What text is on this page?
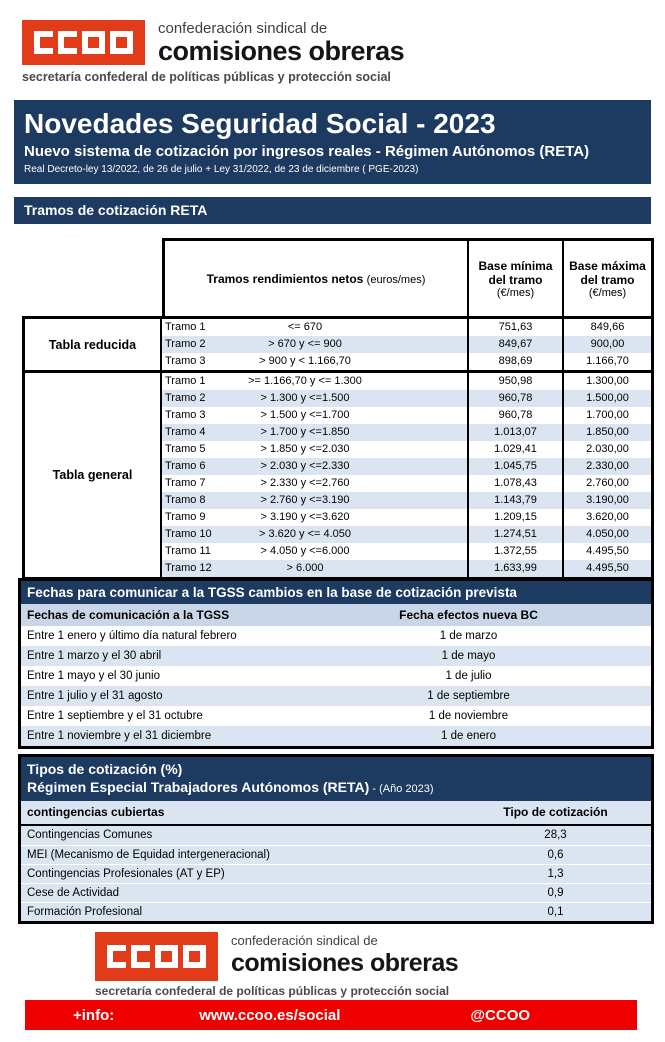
confederación sindical de
comisiones obreras
secretaría confederal de políticas públicas y protección social
Novedades Seguridad Social - 2023
Nuevo sistema de cotización por ingresos reales - Régimen Autónomos (RETA)
Real Decreto-ley 13/2022, de 26 de julio + Ley 31/2022, de 23 de diciembre ( PGE-2023)
Tramos de cotización RETA
Tramos rendimientos netos (euros/mes)
Base mínima
del tramo
(€/mes)
Base máxima
del tramo
(€/mes)
Tabla reducida
Tramo 1	<= 670	751,63	849,66
Tramo 2	> 670 y <= 900	849,67	900,00
Tramo 3	> 900 y < 1.166,70	898,69	1.166,70
Tabla general
Tramo 1	>= 1.166,70 y <= 1.300	950,98	1.300,00
Tramo 2	> 1.300 y <=1.500	960,78	1.500,00
Tramo 3	> 1.500 y <=1.700	960,78	1.700,00
Tramo 4	> 1.700 y <=1.850	1.013,07	1.850,00
Tramo 5	> 1.850 y <=2.030	1.029,41	2.030,00
Tramo 6	> 2.030 y <=2.330	1.045,75	2.330,00
Tramo 7	> 2.330 y <=2.760	1.078,43	2.760,00
Tramo 8	> 2.760 y <=3.190	1.143,79	3.190,00
Tramo 9	> 3.190 y <=3.620	1.209,15	3.620,00
Tramo 10	> 3.620 y <= 4.050	1.274,51	4.050,00
Tramo 11	> 4.050 y <=6.000	1.372,55	4.495,50
Tramo 12	> 6.000	1.633,99	4.495,50
Fechas para comunicar a la TGSS cambios en la base de cotización prevista
Fechas de comunicación a la TGSS	Fecha efectos nueva BC
Entre 1 enero y último día natural febrero	1 de marzo
Entre 1 marzo y el 30 abril	1 de mayo
Entre 1 mayo y el 30 junio	1 de julio
Entre 1 julio y el 31 agosto	1 de septiembre
Entre 1 septiembre y el 31 octubre	1 de noviembre
Entre 1 noviembre y el 31 diciembre	1 de enero
Tipos de cotización (%)
Régimen Especial Trabajadores Autónomos (RETA) - (Año 2023)
contingencias cubiertas	Tipo de cotización
Contingencias Comunes	28,3
MEI (Mecanismo de Equidad intergeneracional)	0,6
Contingencias Profesionales (AT y EP)	1,3
Cese de Actividad	0,9
Formación Profesional	0,1
confederación sindical de
comisiones obreras
secretaría confederal de políticas públicas y protección social
+info:	www.ccoo.es/social	@CCOO
